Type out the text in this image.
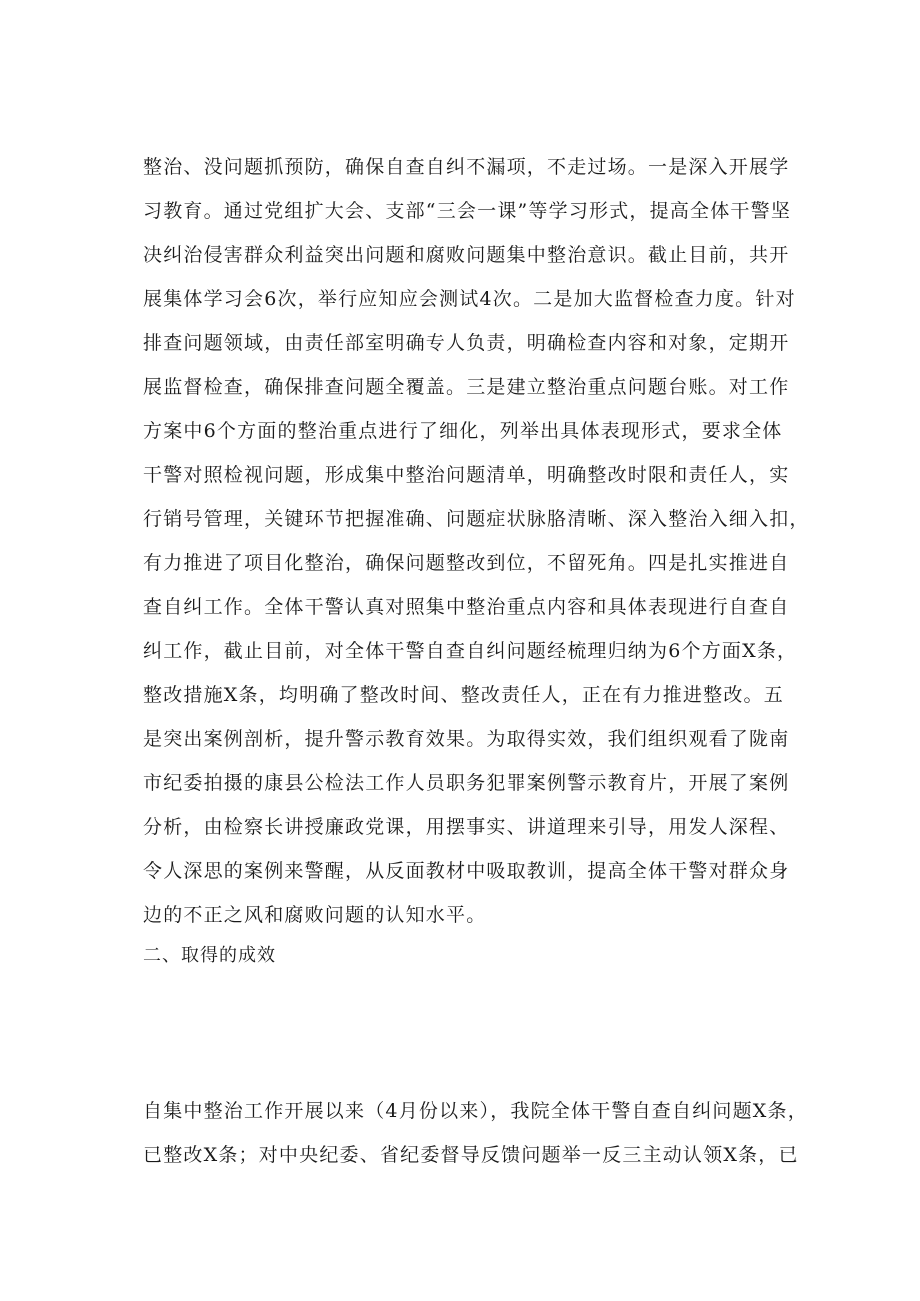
整治、没问题抓预防，确保自查自纠不漏项，不走过场。一是深入开展学
习教育。通过党组扩大会、支部“三会一课”等学习形式，提高全体干警坚
决纠治侵害群众利益突出问题和腐败问题集中整治意识。截止目前，共开
展集体学习会6次，举行应知应会测试4次。二是加大监督检查力度。针对
排查问题领域，由责任部室明确专人负责，明确检查内容和对象，定期开
展监督检查，确保排查问题全覆盖。三是建立整治重点问题台账。对工作
方案中6个方面的整治重点进行了细化，列举出具体表现形式，要求全体
干警对照检视问题，形成集中整治问题清单，明确整改时限和责任人，实
行销号管理，关键环节把握准确、问题症状脉胳清晰、深入整治入细入扣，
有力推进了项目化整治，确保问题整改到位，不留死角。四是扎实推进自
查自纠工作。全体干警认真对照集中整治重点内容和具体表现进行自查自
纠工作，截止目前，对全体干警自查自纠问题经梳理归纳为6个方面X条，
整改措施X条，均明确了整改时间、整改责任人，正在有力推进整改。五
是突出案例剖析，提升警示教育效果。为取得实效，我们组织观看了陇南
市纪委拍摄的康县公检法工作人员职务犯罪案例警示教育片，开展了案例
分析，由检察长讲授廉政党课，用摆事实、讲道理来引导，用发人深程、
令人深思的案例来警醒，从反面教材中吸取教训，提高全体干警对群众身
边的不正之风和腐败问题的认知水平。
二、取得的成效
自集中整治工作开展以来（4月份以来），我院全体干警自查自纠问题X条，
已整改X条；对中央纪委、省纪委督导反馈问题举一反三主动认领X条，已
